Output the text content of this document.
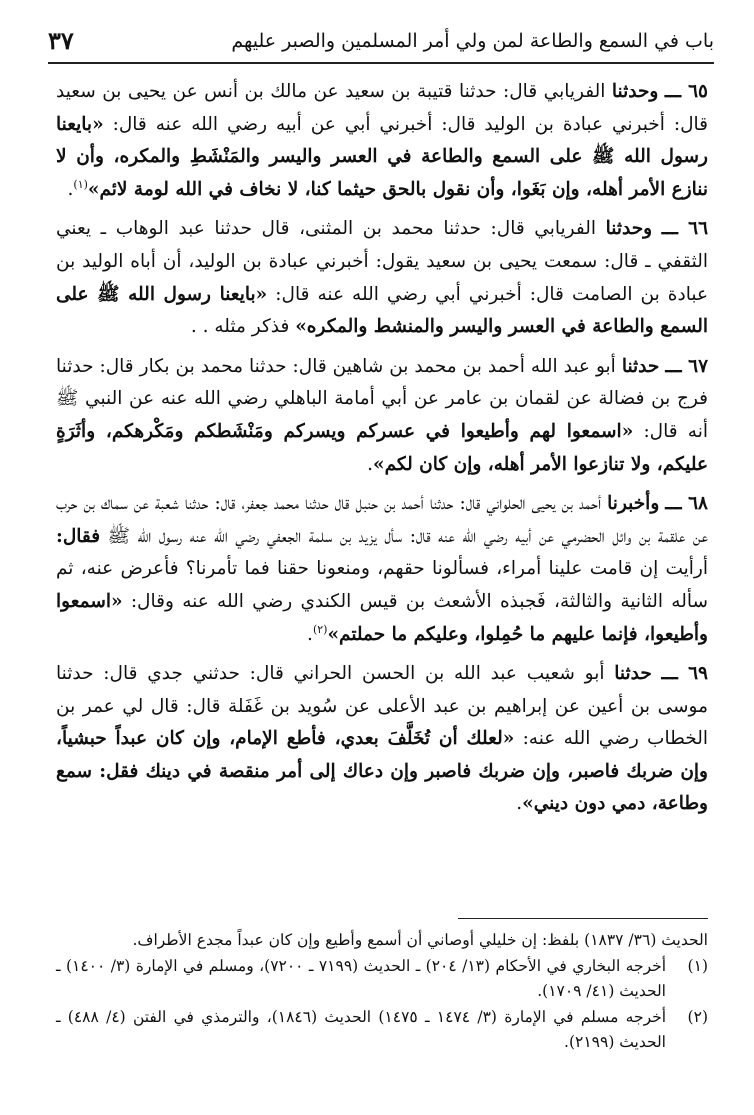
باب في السمع والطاعة لمن ولي أمر المسلمين والصبر عليهم
٣٧

٦٥ ـــ وحدثنا الفريابي قال: حدثنا قتيبة بن سعيد عن مالك بن أنس عن يحيى بن سعيد قال: أخبرني عبادة بن الوليد قال: أخبرني أبي عن أبيه رضي الله عنه قال: «بايعنا رسول الله ﷺ على السمع والطاعة في العسر واليسر والمَنْشَطِ والمكره، وأن لا ننازع الأمر أهله، وإن بَغَوا، وأن نقول بالحق حيثما كنا، لا نخاف في الله لومة لائم»$^{(١)}$.

٦٦ ـــ وحدثنا الفريابي قال: حدثنا محمد بن المثنى، قال حدثنا عبد الوهاب ـ يعني الثقفي ـ قال: سمعت يحيى بن سعيد يقول: أخبرني عبادة بن الوليد، أن أباه الوليد بن عبادة بن الصامت قال: أخبرني أبي رضي الله عنه قال: «بايعنا رسول الله ﷺ على السمع والطاعة في العسر واليسر والمنشط والمكره» فذكر مثله . .

٦٧ ـــ حدثنا أبو عبد الله أحمد بن محمد بن شاهين قال: حدثنا محمد بن بكار قال: حدثنا فرج بن فضالة عن لقمان بن عامر عن أبي أمامة الباهلي رضي الله عنه عن النبي ﷺ أنه قال: «اسمعوا لهم وأطيعوا في عسركم ويسركم ومَنْشَطكم ومَكْرهكم، وأثَرَةٍ عليكم، ولا تنازعوا الأمر أهله، وإن كان لكم».

٦٨ ـــ وأخبرنا أحمد بن يحيى الحلواني قال: حدثنا أحمد بن حنبل قال حدثنا محمد جعفر، قال: حدثنا شعبة عن سماك بن حرب عن علقمة بن وائل الحضرمي عن أبيه رضي الله عنه قال: سأل يزيد بن سلمة الجعفي رضي الله عنه رسول الله ﷺ فقال: أرأيت إن قامت علينا أمراء، فسألونا حقهم، ومنعونا حقنا فما تأمرنا؟ فأعرض عنه، ثم سأله الثانية والثالثة، فَجبذه الأشعث بن قيس الكندي رضي الله عنه وقال: «اسمعوا وأطيعوا، فإنما عليهم ما حُمِلوا، وعليكم ما حملتم»$^{(٢)}$.

٦٩ ـــ حدثنا أبو شعيب عبد الله بن الحسن الحراني قال: حدثني جدي قال: حدثنا موسى بن أعين عن إبراهيم بن عبد الأعلى عن سُويد بن غَفَلة قال: قال لي عمر بن الخطاب رضي الله عنه: «لعلك أن تُخَلَّفَ بعدي، فأطع الإمام، وإن كان عبداً حبشياً، وإن ضربك فاصبر، وإن ضربك فاصبر وإن دعاك إلى أمر منقصة في دينك فقل: سمع وطاعة، دمي دون ديني».

الحديث (٣٦/ ١٨٣٧) بلفظ: إن خليلي أوصاني أن أسمع وأطيع وإن كان عبداً مجدع الأطراف.

(١)
أخرجه البخاري في الأحكام (١٣/ ٢٠٤) ـ الحديث (٧١٩٩ ـ ٧٢٠٠)، ومسلم في الإمارة (٣/ ١٤٠٠) ـ الحديث (٤١/ ١٧٠٩).
(٢)
أخرجه مسلم في الإمارة (٣/ ١٤٧٤ ـ ١٤٧٥) الحديث (١٨٤٦)، والترمذي في الفتن (٤/ ٤٨٨) ـ الحديث (٢١٩٩).
